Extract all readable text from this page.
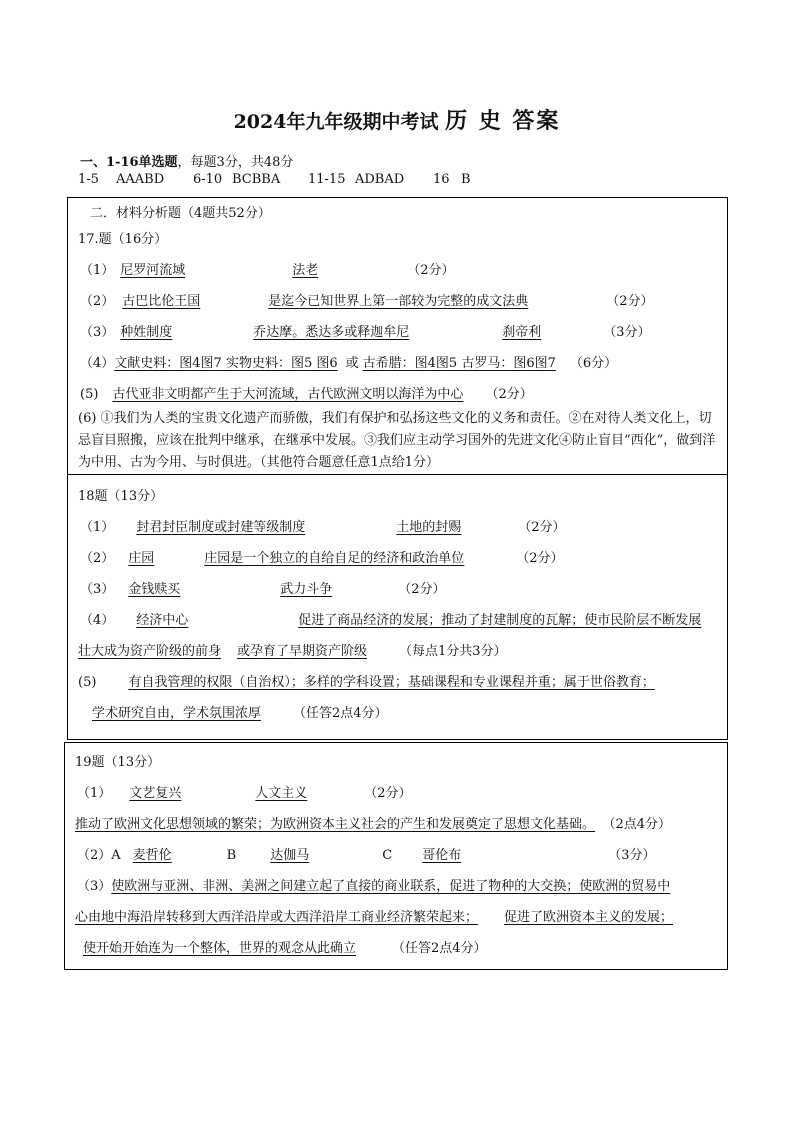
2024年九年级期中考试 历 史 答案
一、1-16单选题，每题3分，共48分
1-5 AAABD 6-10 BCBBA 11-15 ADBAD 16 B
二．材料分析题（4题共52分）
17.题（16分）
（1） 尼罗河流域	法老	（2分）
（2） 古巴比伦王国	是迄今已知世界上第一部较为完整的成文法典	（2分）
（3） 种姓制度	乔达摩。悉达多或释迦牟尼	刹帝利	（3分）
（4）文献史料：图4图7 实物史料：图5 图6 或 古希腊：图4图5 古罗马：图6图7 （6分）
(5) 古代亚非文明都产生于大河流域，古代欧洲文明以海洋为中心 （2分）
(6) ①我们为人类的宝贵文化遗产而骄傲，我们有保护和弘扬这些文化的义务和责任。②在对待人类文化上，切忌盲目照搬，应该在批判中继承，在继承中发展。③我们应主动学习国外的先进文化④防止盲目“西化”，做到洋为中用、古为今用、与时俱进。（其他符合题意任意1点给1分）
18题（13分）
（1） 封君封臣制度或封建等级制度	土地的封赐	（2分）
（2） 庄园	庄园是一个独立的自给自足的经济和政治单位	（2分）
（3） 金钱赎买	武力斗争	（2分）
（4） 经济中心	促进了商品经济的发展；推动了封建制度的瓦解；使市民阶层不断发展
壮大成为资产阶级的前身 或孕育了早期资产阶级 （每点1分共3分）
(5) 有自我管理的权限（自治权）；多样的学科设置；基础课程和专业课程并重；属于世俗教育；
学术研究自由，学术氛围浓厚 （任答2点4分）
19题（13分）
（1） 文艺复兴	人文主义	（2分）
推动了欧洲文化思想领域的繁荣；为欧洲资本主义社会的产生和发展奠定了思想文化基础。 （2点4分）
（2）A 麦哲伦	B	达伽马	C 哥伦布	（3分）
（3）使欧洲与亚洲、非洲、美洲之间建立起了直接的商业联系，促进了物种的大交换；使欧洲的贸易中
心由地中海沿岸转移到大西洋沿岸或大西洋沿岸工商业经济繁荣起来； 促进了欧洲资本主义的发展；
使开始开始连为一个整体，世界的观念从此确立	（任答2点4分）
